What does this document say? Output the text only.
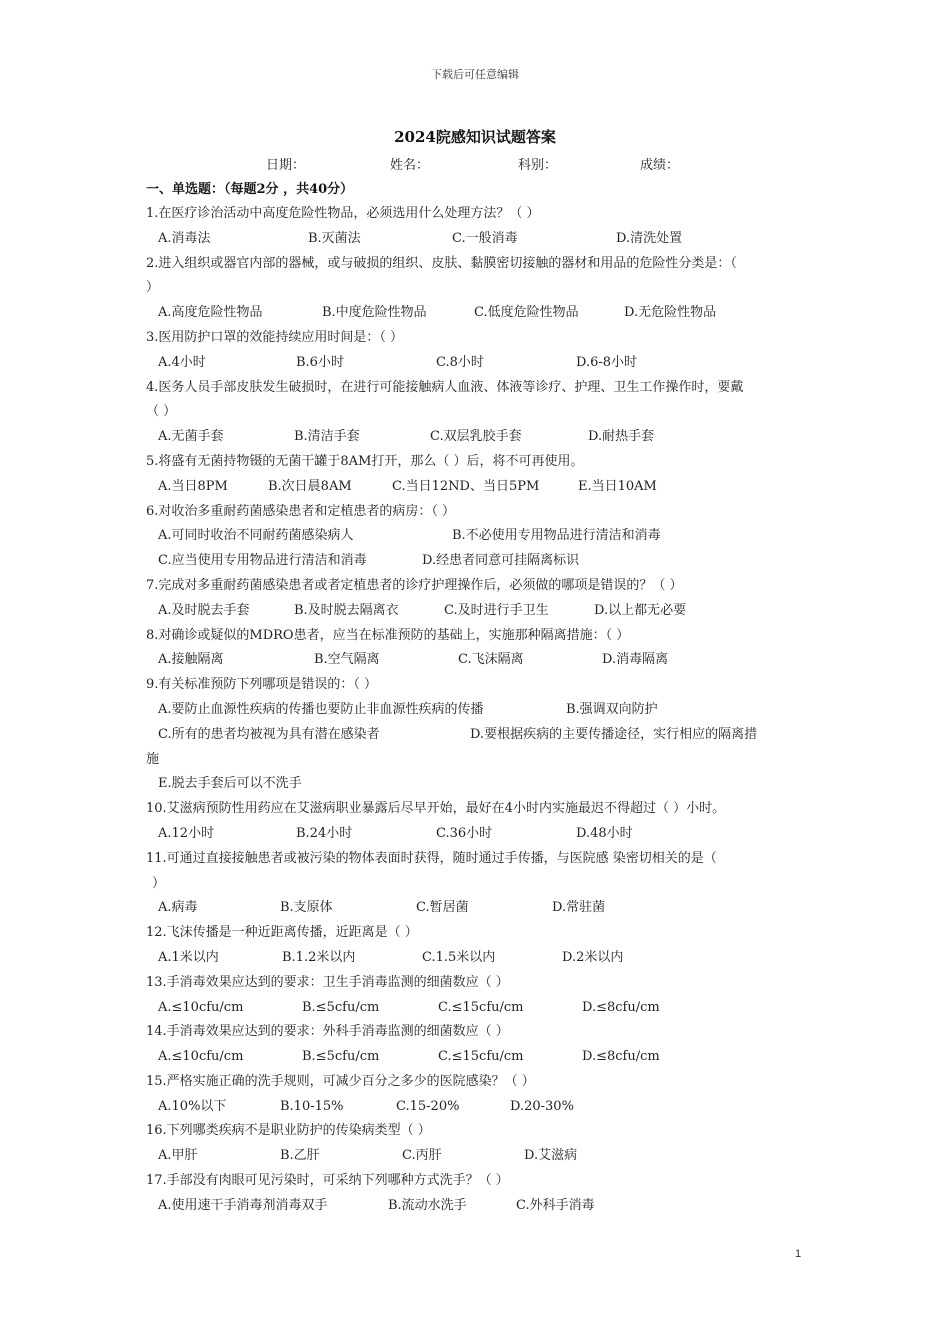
下载后可任意编辑
2024院感知识试题答案
日期：	姓名：	科别：	成绩：
一、单选题：（每题2分 ，共40分）
1.在医疗诊治活动中高度危险性物品，必须选用什么处理方法？（ ）
A.消毒法	B.灭菌法	C.一般消毒	D.清洗处置
2.进入组织或器官内部的器械，或与破损的组织、皮肤、黏膜密切接触的器材和用品的危险性分类是：（
）
A.高度危险性物品	B.中度危险性物品	C.低度危险性物品	D.无危险性物品
3.医用防护口罩的效能持续应用时间是：（ ）
A.4小时	B.6小时	C.8小时	D.6-8小时
4.医务人员手部皮肤发生破损时，在进行可能接触病人血液、体液等诊疗、护理、卫生工作操作时，要戴
（ ）
A.无菌手套	B.清洁手套	C.双层乳胶手套	D.耐热手套
5.将盛有无菌持物镊的无菌干罐于8AM打开，那么（ ）后，将不可再使用。
A.当日8PM	B.次日晨8AM	C.当日12ND、当日5PM	E.当日10AM
6.对收治多重耐药菌感染患者和定植患者的病房：（ ）
A.可同时收治不同耐药菌感染病人	B.不必使用专用物品进行清洁和消毒
C.应当使用专用物品进行清洁和消毒	D.经患者同意可挂隔离标识
7.完成对多重耐药菌感染患者或者定植患者的诊疗护理操作后，必须做的哪项是错误的？（ ）
A.及时脱去手套	B.及时脱去隔离衣	C.及时进行手卫生	D.以上都无必要
8.对确诊或疑似的MDRO患者，应当在标准预防的基础上，实施那种隔离措施：（ ）
A.接触隔离	B.空气隔离	C.飞沫隔离	D.消毒隔离
9.有关标准预防下列哪项是错误的：（ ）
A.要防止血源性疾病的传播也要防止非血源性疾病的传播	B.强调双向防护
C.所有的患者均被视为具有潜在感染者	D.要根据疾病的主要传播途径，实行相应的隔离措
施
E.脱去手套后可以不洗手
10.艾滋病预防性用药应在艾滋病职业暴露后尽早开始，最好在4小时内实施最迟不得超过（ ）小时。
A.12小时	B.24小时	C.36小时	D.48小时
11.可通过直接接触患者或被污染的物体表面时获得，随时通过手传播，与医院感 染密切相关的是（
）
A.病毒	B.支原体	C.暂居菌	D.常驻菌
12.飞沫传播是一种近距离传播，近距离是（ ）
A.1米以内	B.1.2米以内	C.1.5米以内	D.2米以内
13.手消毒效果应达到的要求：卫生手消毒监测的细菌数应（ ）
A.≤10cfu/cm	B.≤5cfu/cm	C.≤15cfu/cm	D.≤8cfu/cm
14.手消毒效果应达到的要求：外科手消毒监测的细菌数应（ ）
A.≤10cfu/cm	B.≤5cfu/cm	C.≤15cfu/cm	D.≤8cfu/cm
15.严格实施正确的洗手规则，可减少百分之多少的医院感染？（ ）
A.10%以下	B.10-15%	C.15-20%	D.20-30%
16.下列哪类疾病不是职业防护的传染病类型（ ）
A.甲肝	B.乙肝	C.丙肝	D.艾滋病
17.手部没有肉眼可见污染时，可采纳下列哪种方式洗手？（ ）
A.使用速干手消毒剂消毒双手	B.流动水洗手	C.外科手消毒
1
